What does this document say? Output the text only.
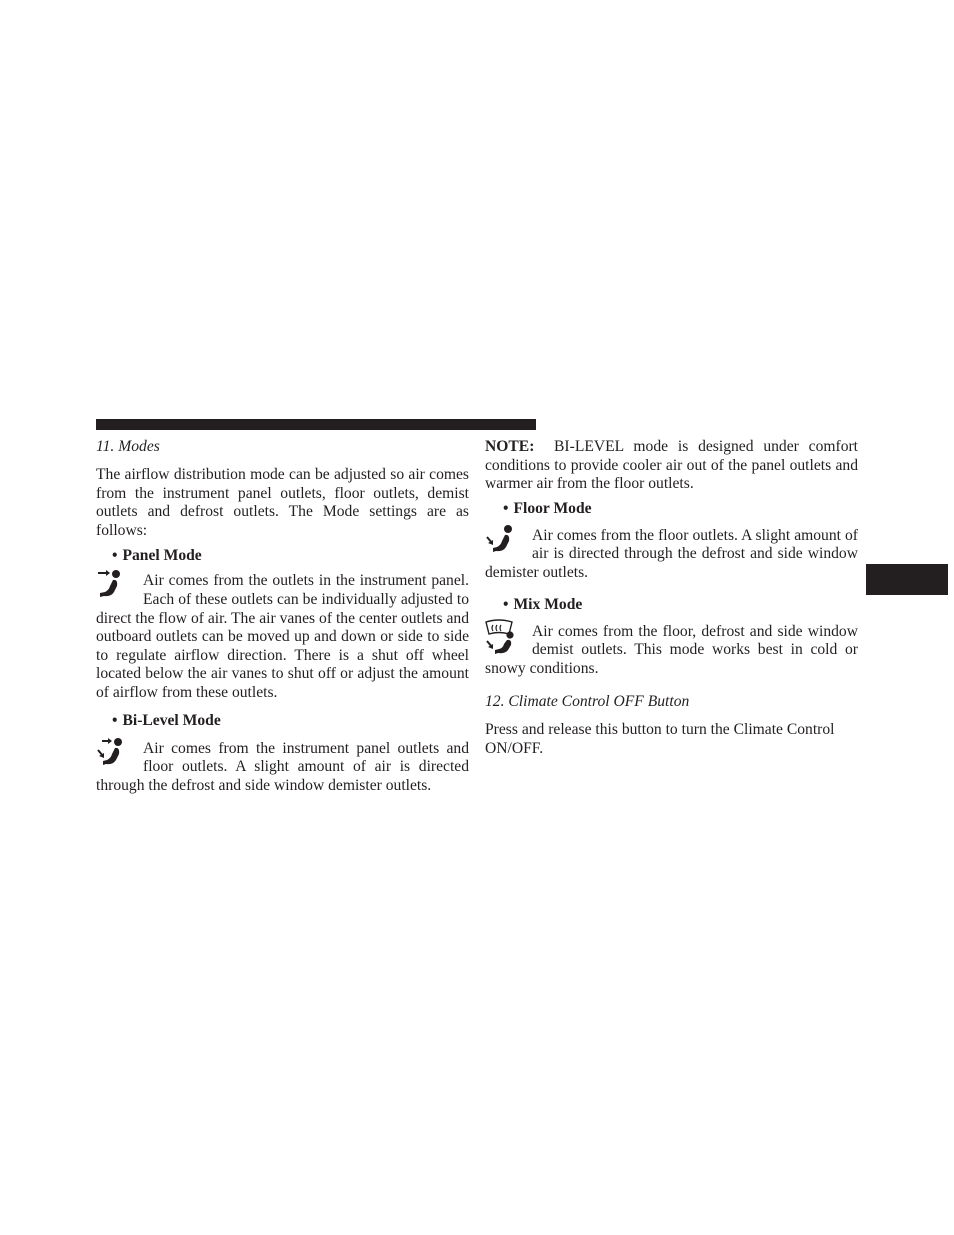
11. Modes
The airflow distribution mode can be adjusted so air comes from the instrument panel outlets, floor outlets, demist outlets and defrost outlets. The Mode settings are as follows:
• Panel Mode
Air comes from the outlets in the instrument panel. Each of these outlets can be individually adjusted to direct the flow of air. The air vanes of the center outlets and outboard outlets can be moved up and down or side to side to regulate airflow direction. There is a shut off wheel located below the air vanes to shut off or adjust the amount of airflow from these outlets.
• Bi-Level Mode
Air comes from the instrument panel outlets and floor outlets. A slight amount of air is directed through the defrost and side window demister outlets.
NOTE: BI-LEVEL mode is designed under comfort conditions to provide cooler air out of the panel outlets and warmer air from the floor outlets.
• Floor Mode
Air comes from the floor outlets. A slight amount of air is directed through the defrost and side window demister outlets.
• Mix Mode
Air comes from the floor, defrost and side window demist outlets. This mode works best in cold or snowy conditions.
12. Climate Control OFF Button
Press and release this button to turn the Climate Control ON/OFF.
